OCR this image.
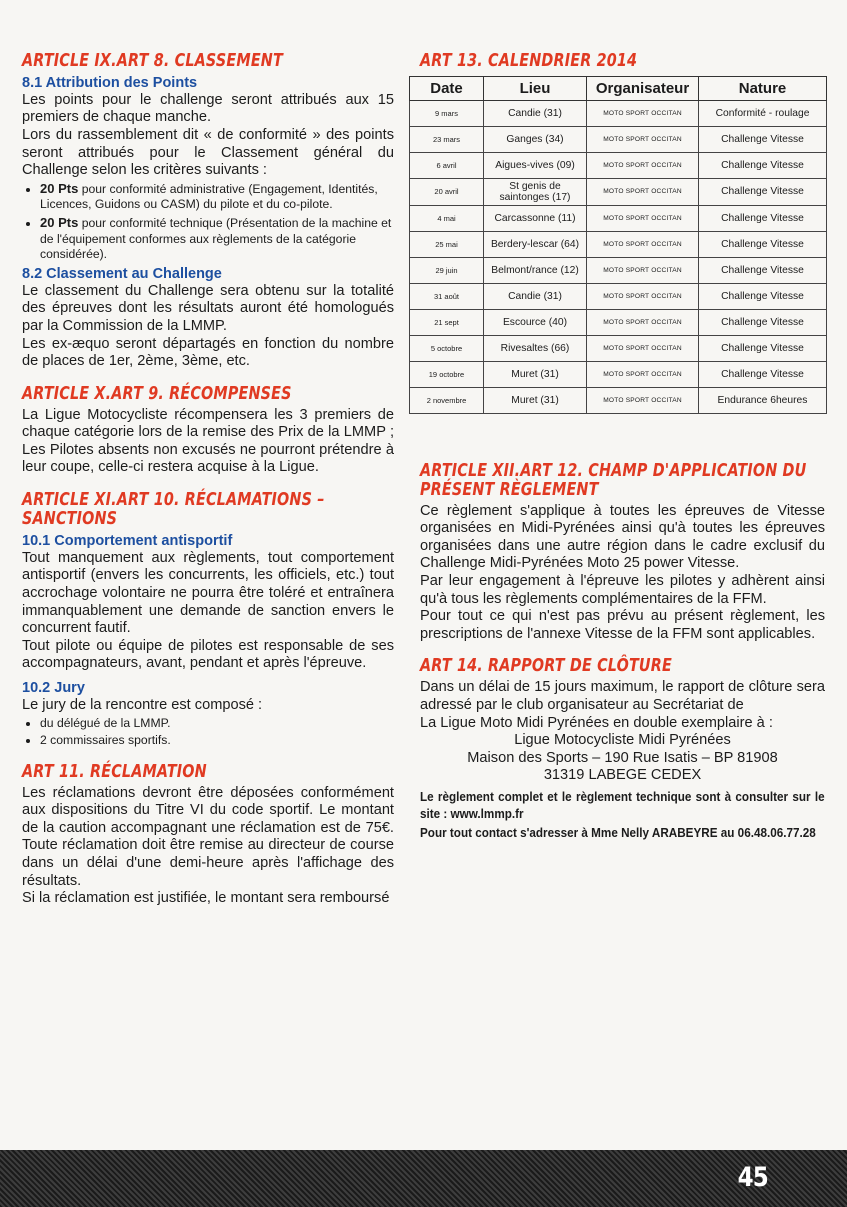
ARTICLE IX.ART 8. CLASSEMENT
8.1 Attribution des Points

Les points pour le challenge seront attribués aux 15 premiers de chaque manche.

Lors du rassemblement dit « de conformité » des points seront attribués pour le Classement général du Challenge selon les critères suivants :

• 20 Pts pour conformité administrative (Engagement, Identités, Licences, Guidons ou CASM) du pilote et du co-pilote.
• 20 Pts pour conformité technique (Présentation de la machine et de l'équipement conformes aux règlements de la catégorie considérée).
8.2 Classement au Challenge

Le classement du Challenge sera obtenu sur la totalité des épreuves dont les résultats auront été homologués par la Commission de la LMMP.

Les ex-æquo seront départagés en fonction du nombre de places de 1er, 2ème, 3ème, etc.

ARTICLE X.ART 9. RÉCOMPENSES

La Ligue Motocycliste récompensera les 3 premiers de chaque catégorie lors de la remise des Prix de la LMMP ; Les Pilotes absents non excusés ne pourront prétendre à leur coupe, celle-ci restera acquise à la Ligue.

ARTICLE XI.ART 10. RÉCLAMATIONS – SANCTIONS
10.1 Comportement antisportif

Tout manquement aux règlements, tout comportement antisportif (envers les concurrents, les officiels, etc.) tout accrochage volontaire ne pourra être toléré et entraînera immanquablement une demande de sanction envers le concurrent fautif.

Tout pilote ou équipe de pilotes est responsable de ses accompagnateurs, avant, pendant et après l'épreuve.

10.2 Jury

Le jury de la rencontre est composé :

• du délégué de la LMMP.
• 2 commissaires sportifs.
ART 11. RÉCLAMATION

Les réclamations devront être déposées conformément aux dispositions du Titre VI du code sportif. Le montant de la caution accompagnant une réclamation est de 75€. Toute réclamation doit être remise au directeur de course dans un délai d'une demi-heure après l'affichage des résultats.

Si la réclamation est justifiée, le montant sera remboursé

ART 13. CALENDRIER 2014
Date	Lieu	Organisateur	Nature
9 mars	Candie (31)	MOTO SPORT OCCITAN	Conformité - roulage
23 mars	Ganges (34)	MOTO SPORT OCCITAN	Challenge Vitesse
6 avril	Aigues-vives (09)	MOTO SPORT OCCITAN	Challenge Vitesse
20 avril	St genis de saintonges (17)	MOTO SPORT OCCITAN	Challenge Vitesse
4 mai	Carcassonne (11)	MOTO SPORT OCCITAN	Challenge Vitesse
25 mai	Berdery-lescar (64)	MOTO SPORT OCCITAN	Challenge Vitesse
29 juin	Belmont/rance (12)	MOTO SPORT OCCITAN	Challenge Vitesse
31 août	Candie (31)	MOTO SPORT OCCITAN	Challenge Vitesse
21 sept	Escource (40)	MOTO SPORT OCCITAN	Challenge Vitesse
5 octobre	Rivesaltes (66)	MOTO SPORT OCCITAN	Challenge Vitesse
19 octobre	Muret (31)	MOTO SPORT OCCITAN	Challenge Vitesse
2 novembre	Muret (31)	MOTO SPORT OCCITAN	Endurance 6heures
ARTICLE XII.ART 12. CHAMP D'APPLICATION DU PRÉSENT RÈGLEMENT

Ce règlement s'applique à toutes les épreuves de Vitesse organisées en Midi-Pyrénées ainsi qu'à toutes les épreuves organisées dans une autre région dans le cadre exclusif du Challenge Midi-Pyrénées Moto 25 power Vitesse.

Par leur engagement à l'épreuve les pilotes y adhèrent ainsi qu'à tous les règlements complémentaires de la FFM.

Pour tout ce qui n'est pas prévu au présent règlement, les prescriptions de l'annexe Vitesse de la FFM sont applicables.

ART 14. RAPPORT DE CLÔTURE

Dans un délai de 15 jours maximum, le rapport de clôture sera adressé par le club organisateur au Secrétariat de

La Ligue Moto Midi Pyrénées en double exemplaire à :

Ligue Motocycliste Midi Pyrénées

Maison des Sports – 190 Rue Isatis – BP 81908

31319 LABEGE CEDEX

Le règlement complet et le règlement technique sont à consulter sur le site : www.lmmp.fr

Pour tout contact s'adresser à Mme Nelly ARABEYRE au 06.48.06.77.28

45
